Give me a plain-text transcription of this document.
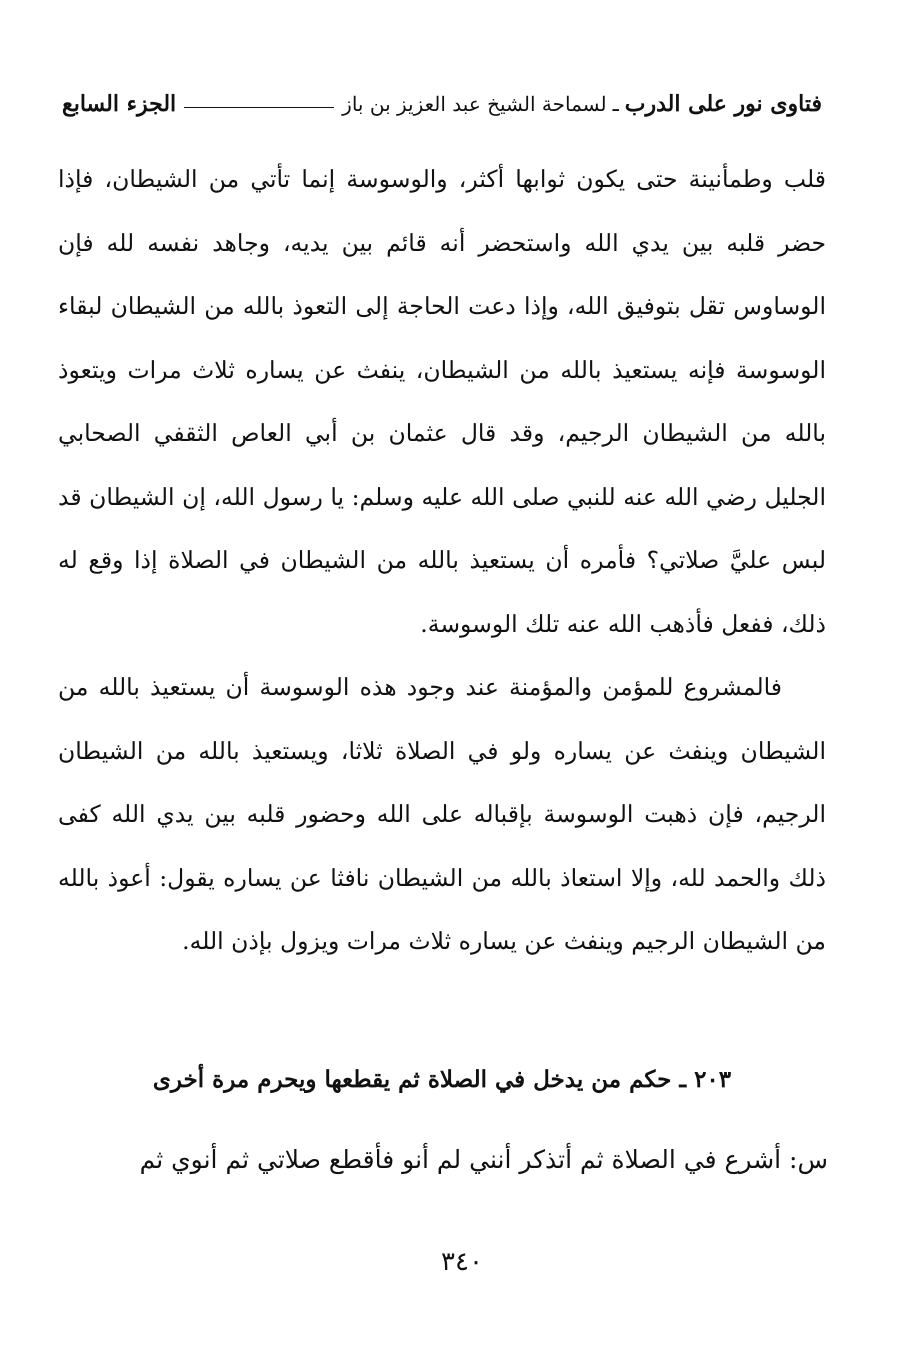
فتاوى نور على الدرب
ـ
لسماحة الشيخ عبد العزيز بن باز
الجزء السابع

قلب وطمأنينة حتى يكون ثوابها أكثر، والوسوسة إنما تأتي من الشيطان، فإذا حضر قلبه بين يدي الله واستحضر أنه قائم بين يديه، وجاهد نفسه لله فإن الوساوس تقل بتوفيق الله، وإذا دعت الحاجة إلى التعوذ بالله من الشيطان لبقاء الوسوسة فإنه يستعيذ بالله من الشيطان، ينفث عن يساره ثلاث مرات ويتعوذ بالله من الشيطان الرجيم، وقد قال عثمان بن أبي العاص الثقفي الصحابي الجليل رضي الله عنه للنبي صلى الله عليه وسلم: يا رسول الله، إن الشيطان قد لبس عليَّ صلاتي؟ فأمره أن يستعيذ بالله من الشيطان في الصلاة إذا وقع له ذلك، ففعل فأذهب الله عنه تلك الوسوسة.

فالمشروع للمؤمن والمؤمنة عند وجود هذه الوسوسة أن يستعيذ بالله من الشيطان وينفث عن يساره ولو في الصلاة ثلاثا، ويستعيذ بالله من الشيطان الرجيم، فإن ذهبت الوسوسة بإقباله على الله وحضور قلبه بين يدي الله كفى ذلك والحمد لله، وإلا استعاذ بالله من الشيطان نافثا عن يساره يقول: أعوذ بالله من الشيطان الرجيم وينفث عن يساره ثلاث مرات ويزول بإذن الله.

٢٠٣ ـ حكم من يدخل في الصلاة ثم يقطعها ويحرم مرة أخرى
س: أشرع في الصلاة ثم أتذكر أنني لم أنو فأقطع صلاتي ثم أنوي ثم
٣٤٠
